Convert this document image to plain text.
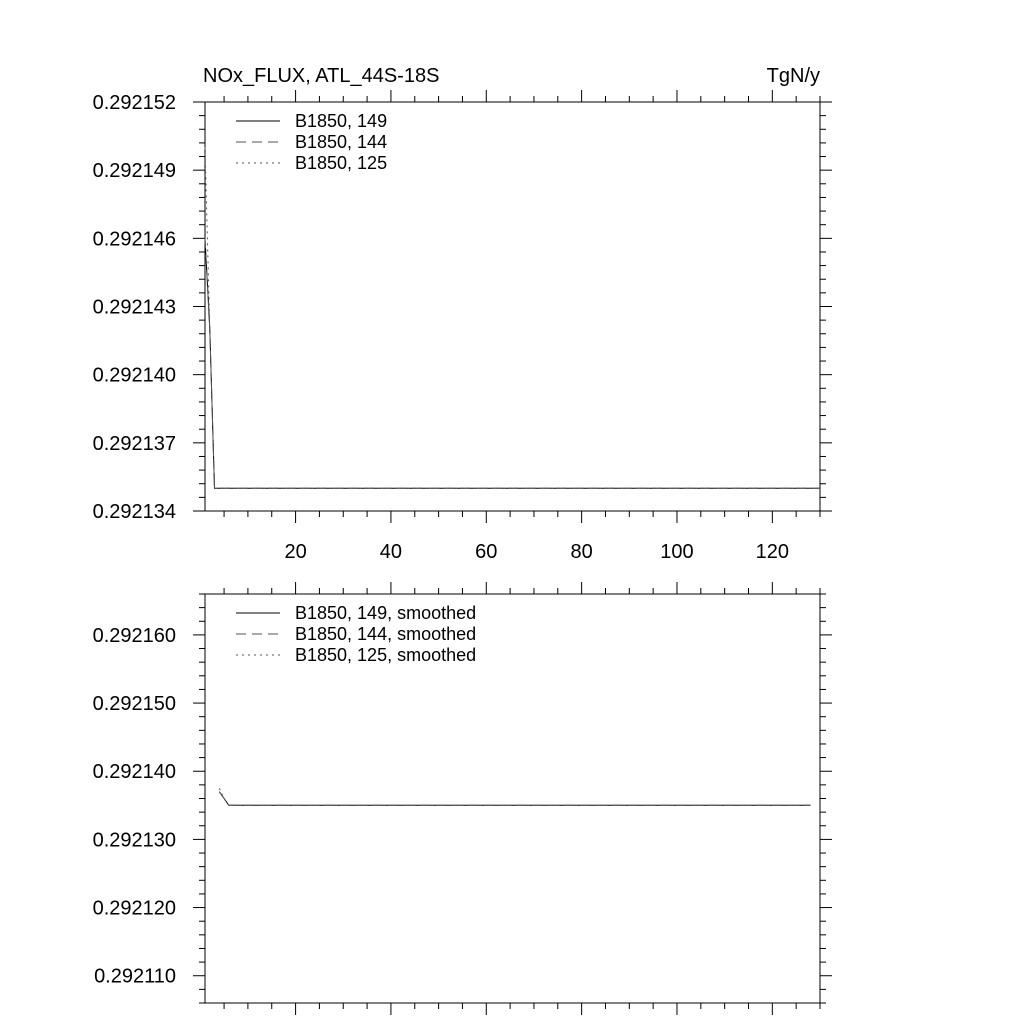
20	40	60	80	100	120
0.292134
0.292137
0.292140
0.292143
0.292146
0.292149
0.292152
NOx_FLUX, ATL_44S-18S	TgN/y
B1850, 149
B1850, 144
B1850, 125
0.292110
0.292120
0.292130
0.292140
0.292150
0.292160
B1850, 149, smoothed
B1850, 144, smoothed
B1850, 125, smoothed
